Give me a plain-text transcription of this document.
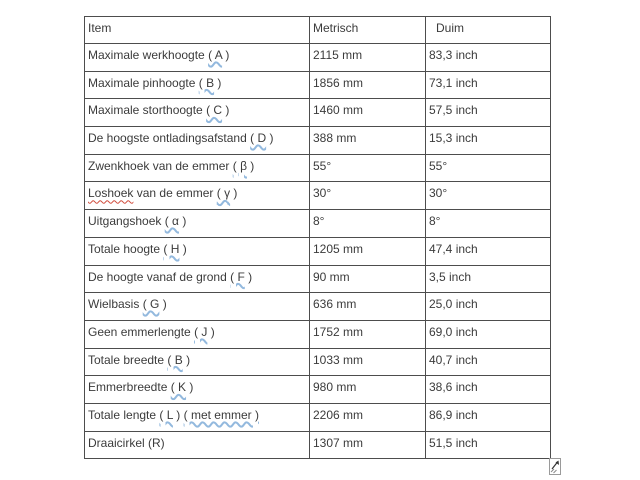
Item	Metrisch	Duim
Maximale werkhoogte ( A )	2115 mm	83,3 inch
Maximale pinhoogte ( B )	1856 mm	73,1 inch
Maximale storthoogte ( C )	1460 mm	57,5 inch
De hoogste ontladingsafstand ( D )	388 mm	15,3 inch
Zwenkhoek van de emmer ( β )	55°	55°
Loshoek van de emmer ( γ )	30°	30°
Uitgangshoek ( α )	8°	8°
Totale hoogte ( H )	1205 mm	47,4 inch
De hoogte vanaf de grond ( F )	90 mm	3,5 inch
Wielbasis ( G )	636 mm	25,0 inch
Geen emmerlengte ( J )	1752 mm	69,0 inch
Totale breedte ( B )	1033 mm	40,7 inch
Emmerbreedte ( K )	980 mm	38,6 inch
Totale lengte ( L ) ( met emmer )	2206 mm	86,9 inch
Draaicirkel (R)	1307 mm	51,5 inch
